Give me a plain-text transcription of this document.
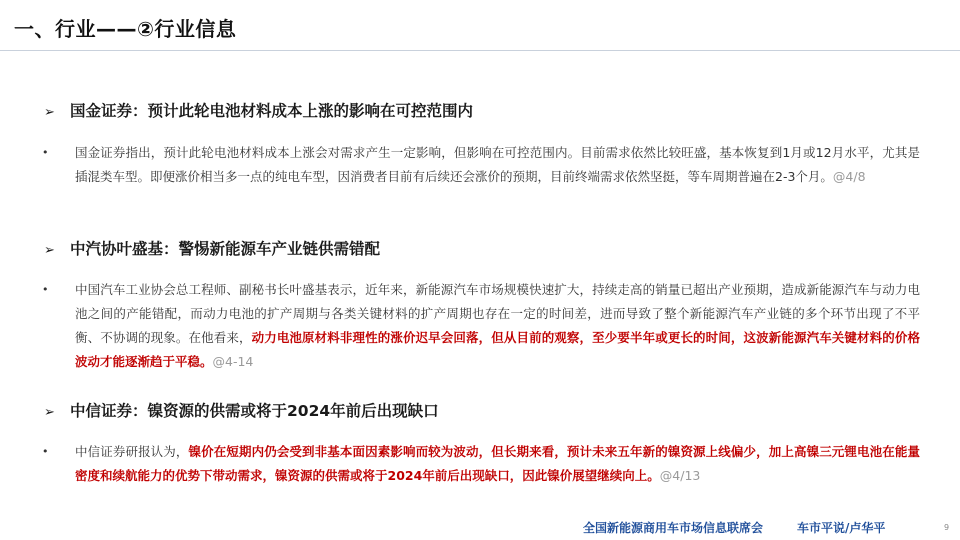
一、行业——②行业信息
➢ 国金证券：预计此轮电池材料成本上涨的影响在可控范围内
• 国金证券指出，预计此轮电池材料成本上涨会对需求产生一定影响，但影响在可控范围内。目前需求依然比较旺盛，基本恢复到1月或12月水平，尤其是插混类车型。即便涨价相当多一点的纯电车型，因消费者目前有后续还会涨价的预期，目前终端需求依然坚挺，等车周期普遍在2-3个月。@4/8
➢ 中汽协叶盛基：警惕新能源车产业链供需错配
• 中国汽车工业协会总工程师、副秘书长叶盛基表示，近年来，新能源汽车市场规模快速扩大，持续走高的销量已超出产业预期，造成新能源汽车与动力电池之间的产能错配，而动力电池的扩产周期与各类关键材料的扩产周期也存在一定的时间差，进而导致了整个新能源汽车产业链的多个环节出现了不平衡、不协调的现象。在他看来，动力电池原材料非理性的涨价迟早会回落，但从目前的观察，至少要半年或更长的时间，这波新能源汽车关键材料的价格波动才能逐渐趋于平稳。@4-14
➢ 中信证券：镍资源的供需或将于2024年前后出现缺口
• 中信证券研报认为，镍价在短期内仍会受到非基本面因素影响而较为波动，但长期来看，预计未来五年新的镍资源上线偏少，加上高镍三元锂电池在能量密度和续航能力的优势下带动需求，镍资源的供需或将于2024年前后出现缺口，因此镍价展望继续向上。@4/13
全国新能源商用车市场信息联席会	车市平说/卢华平	9
